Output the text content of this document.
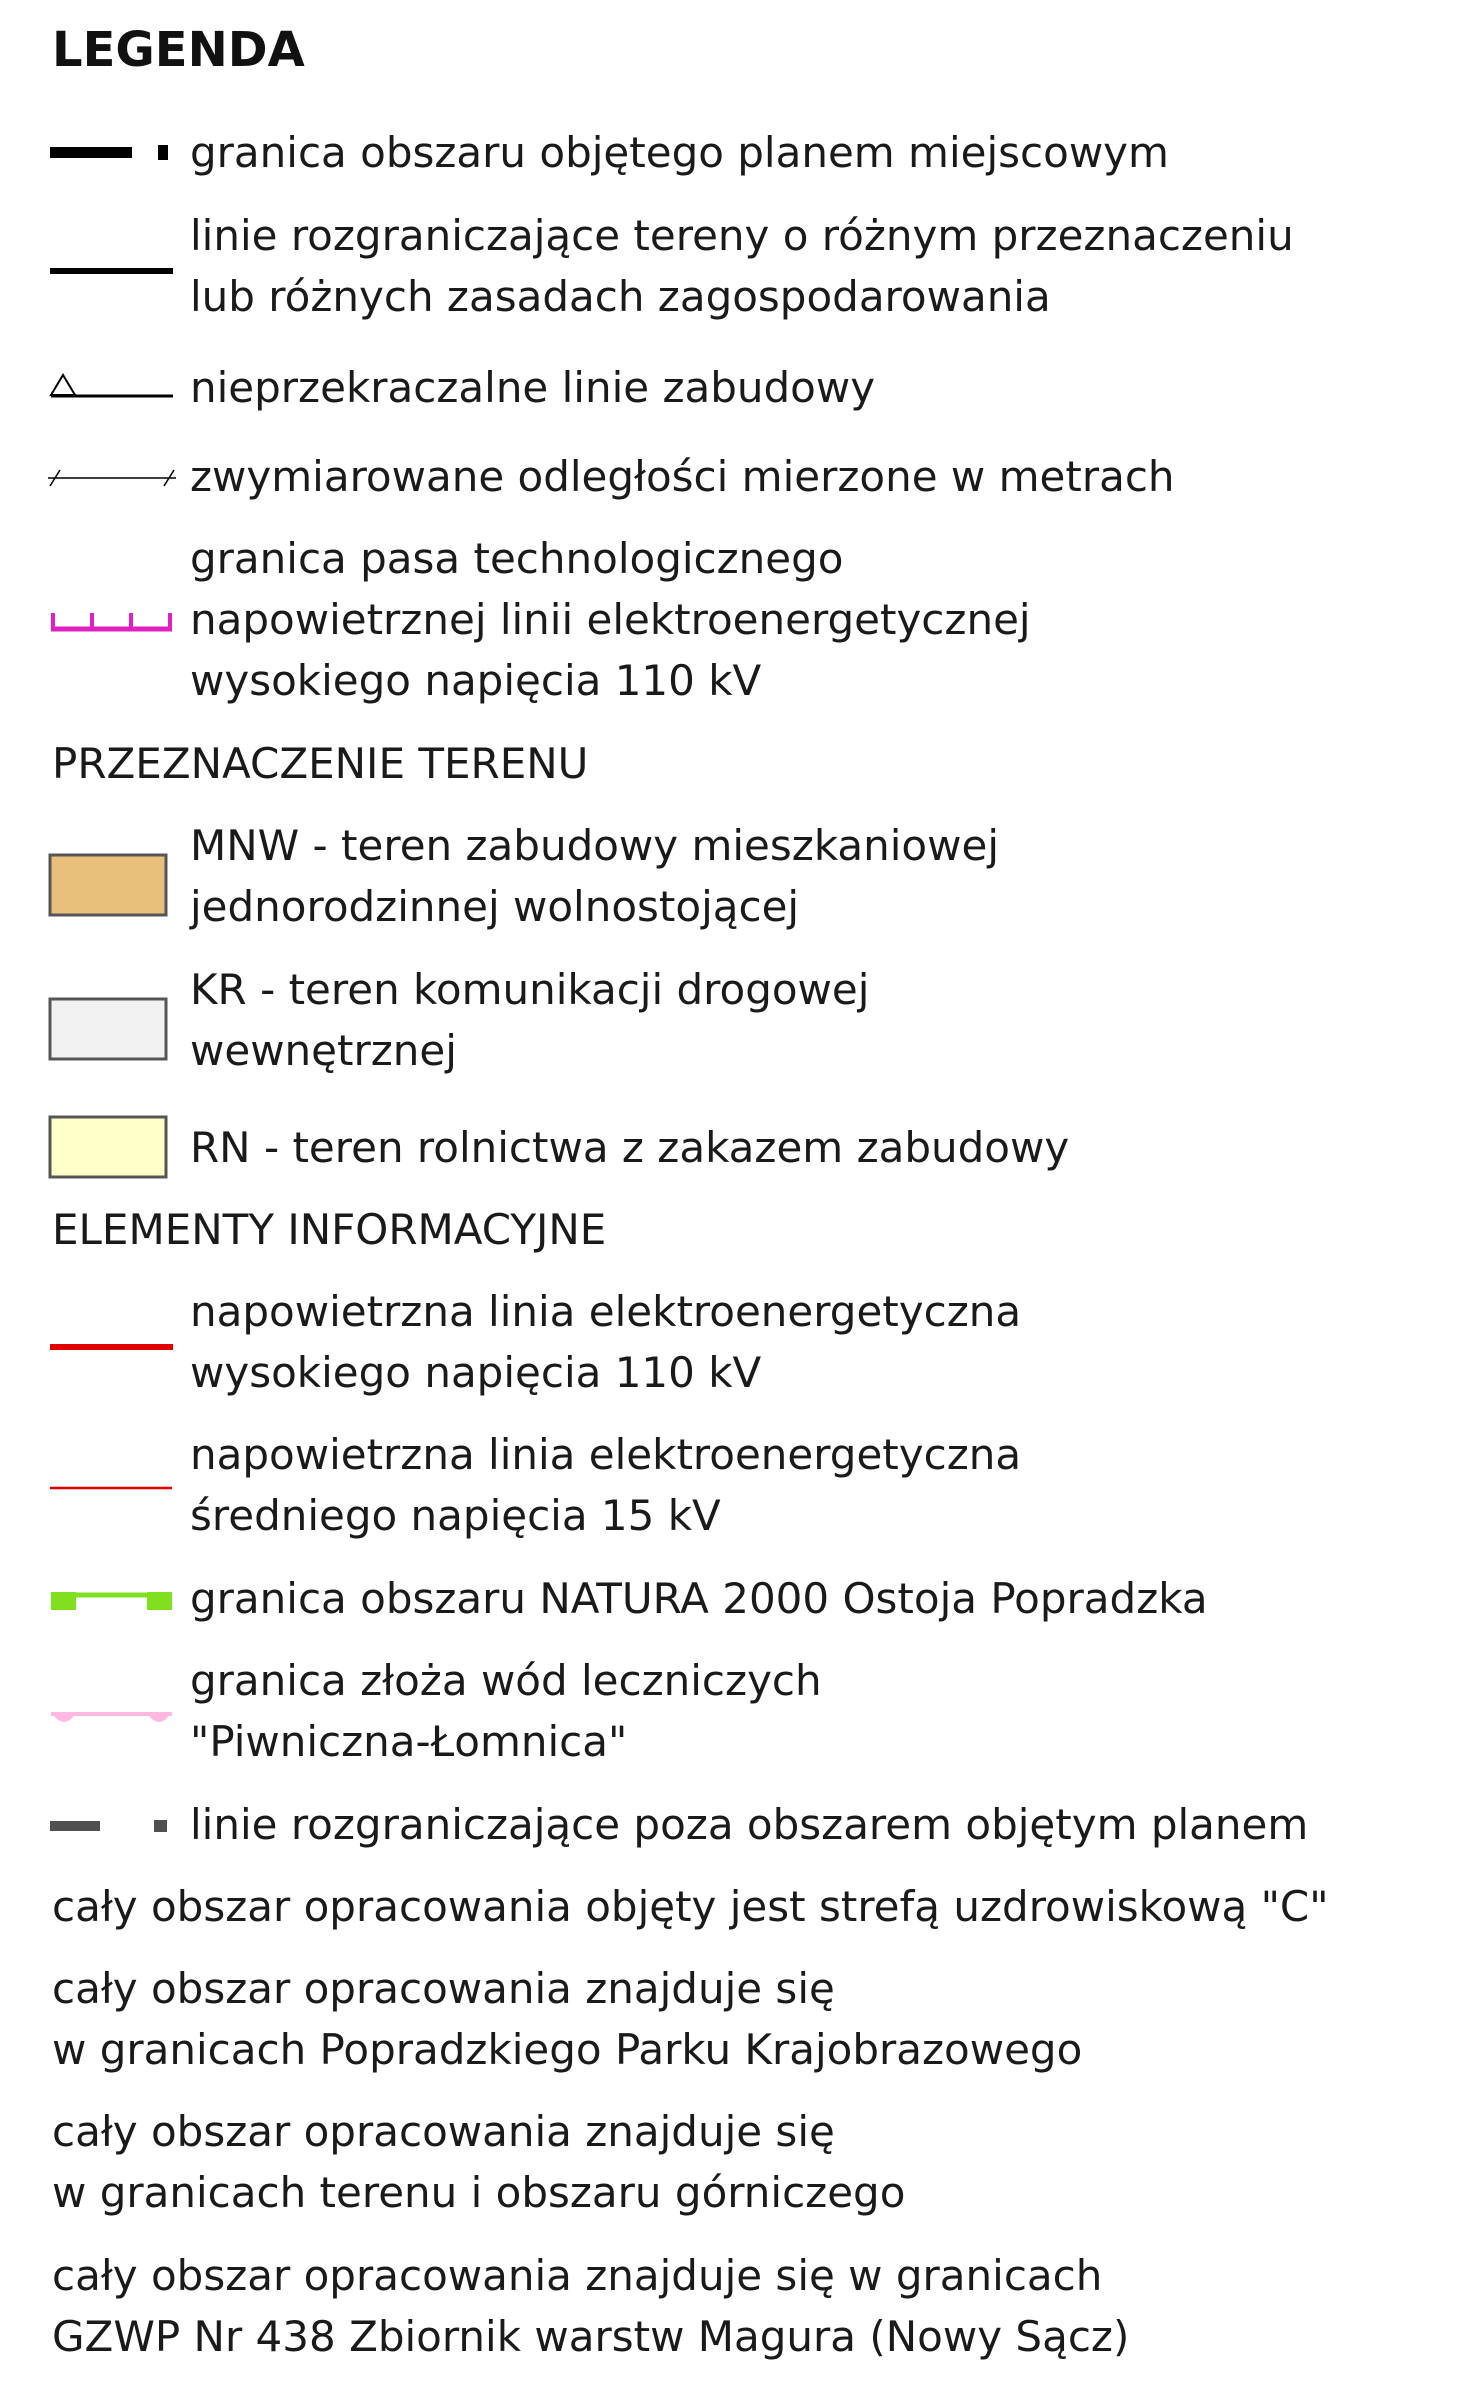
LEGENDA
granica obszaru objętego planem miejscowym
linie rozgraniczające tereny o różnym przeznaczeniu
lub różnych zasadach zagospodarowania
nieprzekraczalne linie zabudowy
zwymiarowane odległości mierzone w metrach
granica pasa technologicznego
napowietrznej linii elektroenergetycznej
wysokiego napięcia 110 kV
PRZEZNACZENIE TERENU
MNW - teren zabudowy mieszkaniowej
jednorodzinnej wolnostojącej
KR - teren komunikacji drogowej
wewnętrznej
RN - teren rolnictwa z zakazem zabudowy
ELEMENTY INFORMACYJNE
napowietrzna linia elektroenergetyczna
wysokiego napięcia 110 kV
napowietrzna linia elektroenergetyczna
średniego napięcia 15 kV
granica obszaru NATURA 2000 Ostoja Popradzka
granica złoża wód leczniczych
"Piwniczna-Łomnica"
linie rozgraniczające poza obszarem objętym planem
cały obszar opracowania objęty jest strefą uzdrowiskową "C"
cały obszar opracowania znajduje się
w granicach Popradzkiego Parku Krajobrazowego
cały obszar opracowania znajduje się
w granicach terenu i obszaru górniczego
cały obszar opracowania znajduje się w granicach
GZWP Nr 438 Zbiornik warstw Magura (Nowy Sącz)
